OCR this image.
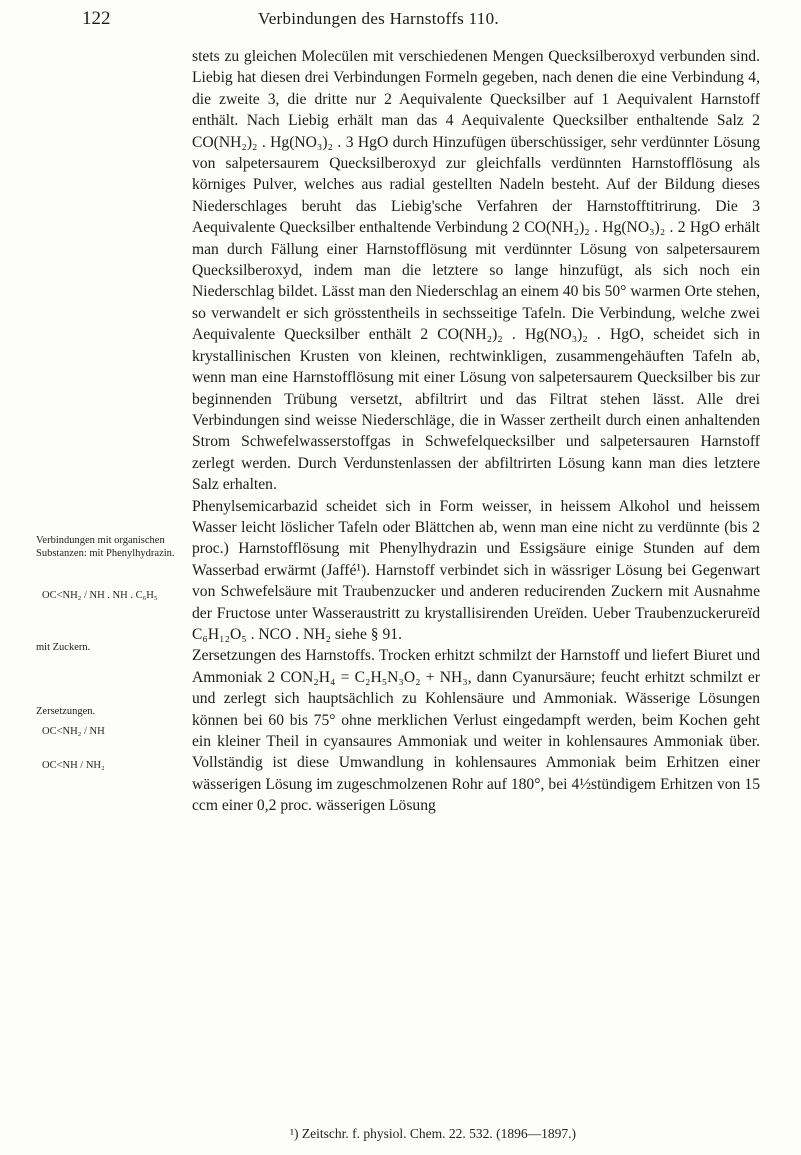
122	Verbindungen des Harnstoffs 110.

stets zu gleichen Molecülen mit verschiedenen Mengen Quecksilberoxyd verbunden sind. Liebig hat diesen drei Verbindungen Formeln gegeben, nach denen die eine Verbindung 4, die zweite 3, die dritte nur 2 Aequivalente Quecksilber auf 1 Aequivalent Harnstoff enthält. Nach Liebig erhält man das 4 Aequivalente Quecksilber enthaltende Salz 2 CO(NH₂)₂ . Hg(NO₃)₂ . 3 HgO durch Hinzufügen überschüssiger, sehr verdünnter Lösung von salpetersaurem Quecksilberoxyd zur gleichfalls verdünnten Harnstofflösung als körniges Pulver, welches aus radial gestellten Nadeln besteht. Auf der Bildung dieses Niederschlages beruht das Liebig'sche Verfahren der Harnstofftitrirung. Die 3 Aequivalente Quecksilber enthaltende Verbindung 2 CO(NH₂)₂ . Hg(NO₃)₂ . 2 HgO erhält man durch Fällung einer Harnstofflösung mit verdünnter Lösung von salpetersaurem Quecksilberoxyd, indem man die letztere so lange hinzufügt, als sich noch ein Niederschlag bildet. Lässt man den Niederschlag an einem 40 bis 50° warmen Orte stehen, so verwandelt er sich grösstentheils in sechsseitige Tafeln. Die Verbindung, welche zwei Aequivalente Quecksilber enthält 2 CO(NH₂)₂ . Hg(NO₃)₂ . HgO, scheidet sich in krystallinischen Krusten von kleinen, rechtwinkligen, zusammengehäuften Tafeln ab, wenn man eine Harnstofflösung mit einer Lösung von salpetersaurem Quecksilber bis zur beginnenden Trübung versetzt, abfiltrirt und das Filtrat stehen lässt. Alle drei Verbindungen sind weisse Niederschläge, die in Wasser zertheilt durch einen anhaltenden Strom Schwefelwasserstoffgas in Schwefelquecksilber und salpetersauren Harnstoff zerlegt werden. Durch Verdunstenlassen der abfiltrirten Lösung kann man dies letztere Salz erhalten.

Phenylsemicarbazid scheidet sich in Form weisser, in heissem Alkohol und heissem Wasser leicht löslicher Tafeln oder Blättchen ab, wenn man eine nicht zu verdünnte (bis 2 proc.) Harnstofflösung mit Phenylhydrazin und Essigsäure einige Stunden auf dem Wasserbad erwärmt (Jaffé¹). Harnstoff verbindet sich in wässriger Lösung bei Gegenwart von Schwefelsäure mit Traubenzucker und anderen reducirenden Zuckern mit Ausnahme der Fructose unter Wasseraustritt zu krystallisirenden Ureïden. Ueber Traubenzuckerureïd C₆H₁₂O₅ . NCO . NH₂ siehe § 91.

Zersetzungen des Harnstoffs. Trocken erhitzt schmilzt der Harnstoff und liefert Biuret und Ammoniak 2 CON₂H₄ = C₂H₅N₃O₂ + NH₃, dann Cyanursäure; feucht erhitzt schmilzt er und zerlegt sich hauptsächlich zu Kohlensäure und Ammoniak. Wässerige Lösungen können bei 60 bis 75° ohne merklichen Verlust eingedampft werden, beim Kochen geht ein kleiner Theil in cyansaures Ammoniak und weiter in kohlensaures Ammoniak über. Vollständig ist diese Umwandlung in kohlensaures Ammoniak beim Erhitzen einer wässerigen Lösung im zugeschmolzenen Rohr auf 180°, bei 4½stündigem Erhitzen von 15 ccm einer 0,2 proc. wässerigen Lösung

Verbindungen mit organischen Substanzen: mit Phenylhydrazin.
OC<NH₂ / NH . NH . C₆H₅
mit Zuckern.
Zersetzungen.
OC<NH₂ / NH
OC<NH / NH₂
¹) Zeitschr. f. physiol. Chem. 22. 532. (1896—1897.)
